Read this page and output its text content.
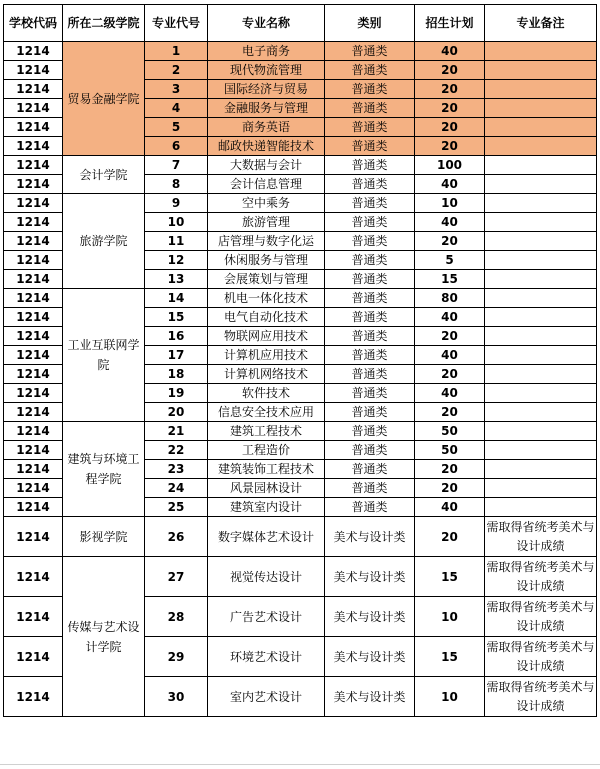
学校代码	所在二级学院	专业代号	专业名称	类别	招生计划	专业备注
1214	贸易金融学院	1	电子商务	普通类	40	
1214		2	现代物流管理	普通类	20	
1214		3	国际经济与贸易	普通类	20	
1214		4	金融服务与管理	普通类	20	
1214		5	商务英语	普通类	20	
1214		6	邮政快递智能技术	普通类	20	
1214	会计学院	7	大数据与会计	普通类	100	
1214		8	会计信息管理	普通类	40	
1214	旅游学院	9	空中乘务	普通类	10	
1214		10	旅游管理	普通类	40	
1214		11	店管理与数字化运	普通类	20	
1214		12	休闲服务与管理	普通类	5	
1214		13	会展策划与管理	普通类	15	
1214	工业互联网学院	14	机电一体化技术	普通类	80	
1214		15	电气自动化技术	普通类	40	
1214		16	物联网应用技术	普通类	20	
1214		17	计算机应用技术	普通类	40	
1214		18	计算机网络技术	普通类	20	
1214		19	软件技术	普通类	40	
1214		20	信息安全技术应用	普通类	20	
1214	建筑与环境工程学院	21	建筑工程技术	普通类	50	
1214		22	工程造价	普通类	50	
1214		23	建筑装饰工程技术	普通类	20	
1214		24	风景园林设计	普通类	20	
1214		25	建筑室内设计	普通类	40	
1214	影视学院	26	数字媒体艺术设计	美术与设计类	20	需取得省统考美术与设计成绩
1214	传媒与艺术设计学院	27	视觉传达设计	美术与设计类	15	需取得省统考美术与设计成绩
1214		28	广告艺术设计	美术与设计类	10	需取得省统考美术与设计成绩
1214		29	环境艺术设计	美术与设计类	15	需取得省统考美术与设计成绩
1214		30	室内艺术设计	美术与设计类	10	需取得省统考美术与设计成绩
